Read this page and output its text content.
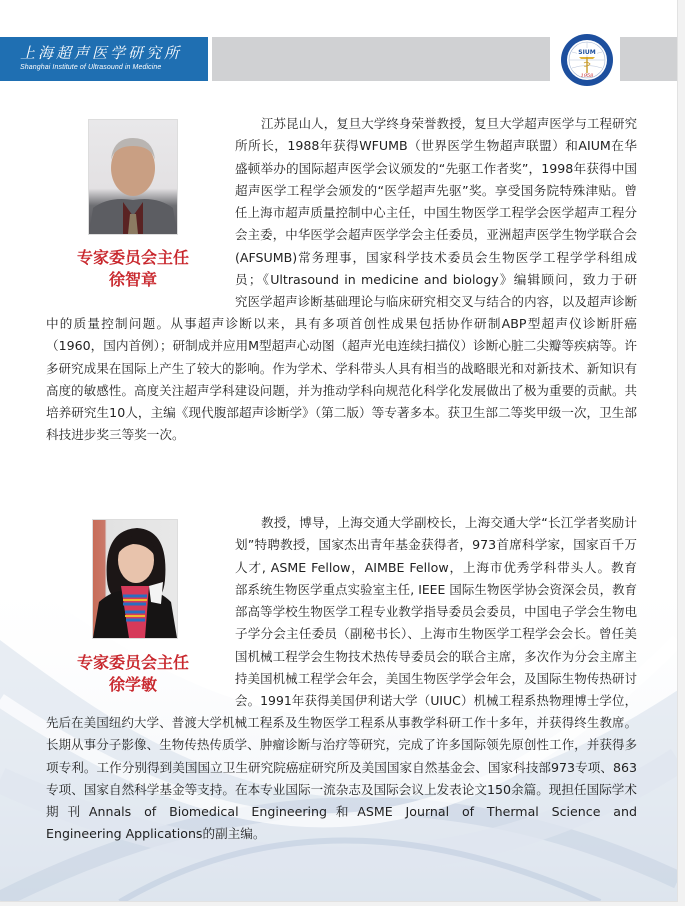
上海超声医学研究所
Shanghai Institute of Ultrasound in Medicine
SIUM
1958
专家委员会主任
徐智章
江苏昆山人，复旦大学终身荣誉教授，复旦大学超声医学与工程研究
所所长，1988年获得WFUMB（世界医学生物超声联盟）和AIUM在华
盛顿举办的国际超声医学会议颁发的“先驱工作者奖”，1998年获得中国
超声医学工程学会颁发的“医学超声先驱”奖。享受国务院特殊津贴。曾
任上海市超声质量控制中心主任，中国生物医学工程学会医学超声工程分
会主委，中华医学会超声医学学会主任委员，亚洲超声医学生物学联合会
(AFSUMB)常务理事，国家科学技术委员会生物医学工程学学科组成
员；《Ultrasound in medicine and biology》编辑顾问，致力于研
究医学超声诊断基础理论与临床研究相交叉与结合的内容，以及超声诊断
中的质量控制问题。从事超声诊断以来，具有多项首创性成果包括协作研制ABP型超声仪诊断肝癌
（1960，国内首例）；研制成并应用M型超声心动图（超声光电连续扫描仪）诊断心脏二尖瓣等疾病等。许
多研究成果在国际上产生了较大的影响。作为学术、学科带头人具有相当的战略眼光和对新技术、新知识有
高度的敏感性。高度关注超声学科建设问题，并为推动学科向规范化科学化发展做出了极为重要的贡献。共
培养研究生10人，主编《现代腹部超声诊断学》（第二版）等专著多本。获卫生部二等奖甲级一次，卫生部
科技进步奖三等奖一次。
专家委员会主任
徐学敏
教授，博导，上海交通大学副校长，上海交通大学“长江学者奖励计
划”特聘教授，国家杰出青年基金获得者，973首席科学家，国家百千万
人才, ASME Fellow，AIMBE Fellow，上海市优秀学科带头人。教育
部系统生物医学重点实验室主任, IEEE 国际生物医学协会资深会员，教育
部高等学校生物医学工程专业教学指导委员会委员，中国电子学会生物电
子学分会主任委员（副秘书长）、上海市生物医学工程学会会长。曾任美
国机械工程学会生物技术热传导委员会的联合主席，多次作为分会主席主
持美国机械工程学会年会，美国生物医学学会年会，及国际生物传热研讨
会。1991年获得美国伊利诺大学（UIUC）机械工程系热物理博士学位，
先后在美国纽约大学、普渡大学机械工程系及生物医学工程系从事教学科研工作十多年，并获得终生教席。
长期从事分子影像、生物传热传质学、肿瘤诊断与治疗等研究，完成了许多国际领先原创性工作，并获得多
项专利。工作分别得到美国国立卫生研究院癌症研究所及美国国家自然基金会、国家科技部973专项、863
专项、国家自然科学基金等支持。在本专业国际一流杂志及国际会议上发表论文150余篇。现担任国际学术
期刊Annals of Biomedical Engineering和ASME Journal of Thermal Science and
Engineering Applications的副主编。
